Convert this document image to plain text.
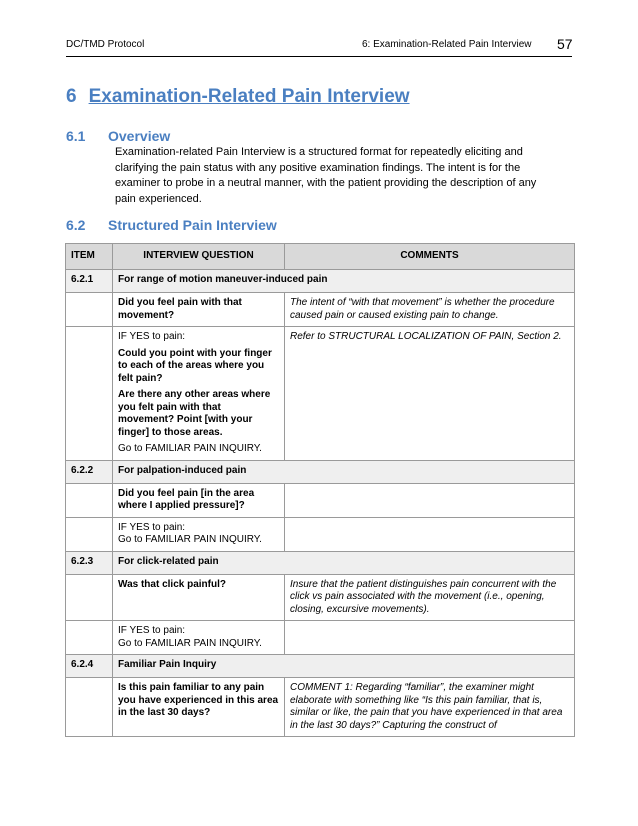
DC/TMD Protocol	6: Examination-Related Pain Interview 57
6 Examination-Related Pain Interview
6.1 Overview
Examination-related Pain Interview is a structured format for repeatedly eliciting and clarifying the pain status with any positive examination findings. The intent is for the examiner to probe in a neutral manner, with the patient providing the description of any pain experienced.
6.2 Structured Pain Interview
ITEM	INTERVIEW QUESTION	COMMENTS
6.2.1	For range of motion maneuver-induced pain	
	Did you feel pain with that movement?	The intent of “with that movement” is whether the procedure caused pain or caused existing pain to change.

	IF YES to pain:
Could you point with your finger to each of the areas where you felt pain?
Are there any other areas where you felt pain with that movement? Point [with your finger] to those areas.
Go to FAMILIAR PAIN INQUIRY.	Refer to STRUCTURAL LOCALIZATION OF PAIN, Section 2.
6.2.2	For palpation-induced pain	
	Did you feel pain [in the area where I applied pressure]?	

	IF YES to pain:
Go to FAMILIAR PAIN INQUIRY.	

6.2.3	For click-related pain	
	Was that click painful?	Insure that the patient distinguishes pain concurrent with the click vs pain associated with the movement (i.e., opening, closing, excursive movements).

	IF YES to pain:
Go to FAMILIAR PAIN INQUIRY.	

6.2.4	Familiar Pain Inquiry	
	Is this pain familiar to any pain you have experienced in this area in the last 30 days?	COMMENT 1: Regarding “familiar”, the examiner might elaborate with something like “Is this pain familiar, that is, similar or like, the pain that you have experienced in that area in the last 30 days?” Capturing the construct of
